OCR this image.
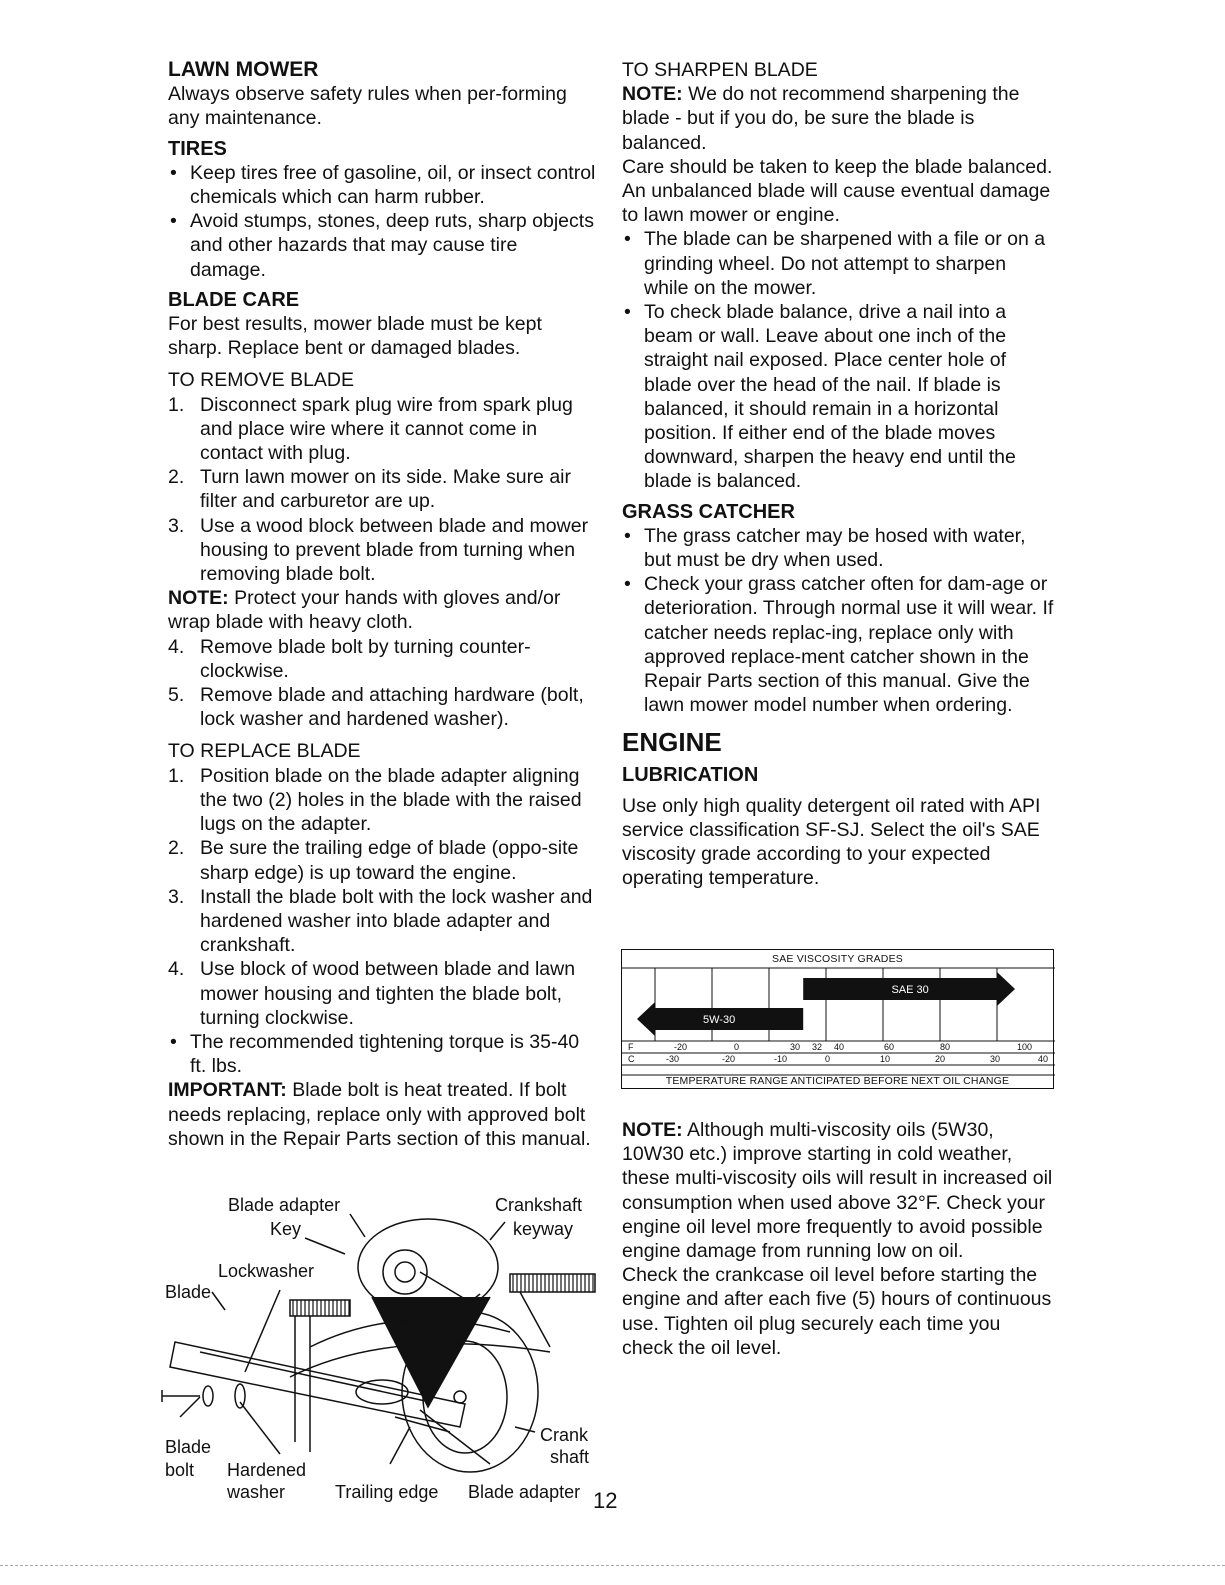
LAWN MOWER

Always observe safety rules when per-forming any maintenance.

TIRES

• Keep tires free of gasoline, oil, or insect control chemicals which can harm rubber.
• Avoid stumps, stones, deep ruts, sharp objects and other hazards that may cause tire damage.

BLADE CARE

For best results, mower blade must be kept sharp. Replace bent or damaged blades.

TO REMOVE BLADE

1. Disconnect spark plug wire from spark plug and place wire where it cannot come in contact with plug.
2. Turn lawn mower on its side. Make sure air filter and carburetor are up.
3. Use a wood block between blade and mower housing to prevent blade from turning when removing blade bolt.

NOTE: Protect your hands with gloves and/or wrap blade with heavy cloth.

4. Remove blade bolt by turning counter-clockwise.
5. Remove blade and attaching hardware (bolt, lock washer and hardened washer).

TO REPLACE BLADE

1. Position blade on the blade adapter aligning the two (2) holes in the blade with the raised lugs on the adapter.
2. Be sure the trailing edge of blade (oppo-site sharp edge) is up toward the engine.
3. Install the blade bolt with the lock washer and hardened washer into blade adapter and crankshaft.
4. Use block of wood between blade and lawn mower housing and tighten the blade bolt, turning clockwise.
• The recommended tightening torque is 35-40 ft. lbs.

IMPORTANT: Blade bolt is heat treated. If bolt needs replacing, replace only with approved bolt shown in the Repair Parts section of this manual.

Blade adapter
Key
Lockwasher
Blade
Crankshaft
keyway
Crank
shaft
Blade
bolt Hardened
washer	Trailing edge Blade adapter 12

TO SHARPEN BLADE

NOTE: We do not recommend sharpening the blade - but if you do, be sure the blade is balanced.

Care should be taken to keep the blade balanced. An unbalanced blade will cause eventual damage to lawn mower or engine.

• The blade can be sharpened with a file or on a grinding wheel. Do not attempt to sharpen while on the mower.
• To check blade balance, drive a nail into a beam or wall. Leave about one inch of the straight nail exposed. Place center hole of blade over the head of the nail. If blade is balanced, it should remain in a horizontal position. If either end of the blade moves downward, sharpen the heavy end until the blade is balanced.

GRASS CATCHER

• The grass catcher may be hosed with water, but must be dry when used.
• Check your grass catcher often for dam-age or deterioration. Through normal use it will wear. If catcher needs replac-ing, replace only with approved replace-ment catcher shown in the Repair Parts section of this manual. Give the lawn mower model number when ordering.

ENGINE

LUBRICATION

Use only high quality detergent oil rated with API service classification SF-SJ. Select the oil's SAE viscosity grade according to your expected operating temperature.

SAE VISCOSITY GRADES
SAE 30
5W-30
F	-20	0	30 32 40	60	80	100
C	-30	-20	-10	0	10	20	30	40
TEMPERATURE RANGE ANTICIPATED BEFORE NEXT OIL CHANGE

NOTE: Although multi-viscosity oils (5W30, 10W30 etc.) improve starting in cold weather, these multi-viscosity oils will result in increased oil consumption when used above 32°F. Check your engine oil level more frequently to avoid possible engine damage from running low on oil.

Check the crankcase oil level before starting the engine and after each five (5) hours of continuous use. Tighten oil plug securely each time you check the oil level.
